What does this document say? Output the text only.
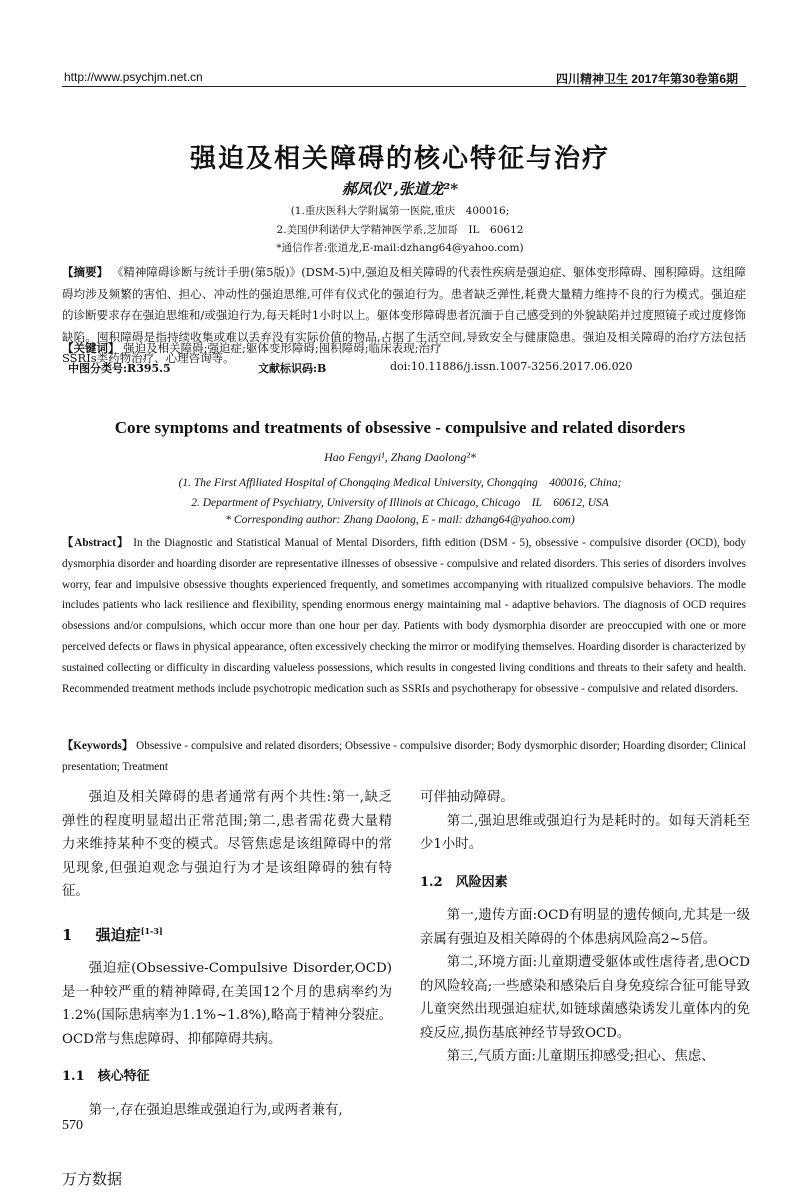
http://www.psychjm.net.cn	四川精神卫生 2017年第30卷第6期
强迫及相关障碍的核心特征与治疗
郝凤仪¹,张道龙²*
(1.重庆医科大学附属第一医院,重庆　400016;
2.美国伊利诺伊大学精神医学系,芝加哥　IL　60612
*通信作者:张道龙,E-mail:dzhang64@yahoo.com)
【摘要】 《精神障碍诊断与统计手册(第5版)》(DSM-5)中,强迫及相关障碍的代表性疾病是强迫症、躯体变形障碍、囤积障碍。这组障碍均涉及频繁的害怕、担心、冲动性的强迫思维,可伴有仪式化的强迫行为。患者缺乏弹性,耗费大量精力维持不良的行为模式。强迫症的诊断要求存在强迫思维和/或强迫行为,每天耗时1小时以上。躯体变形障碍患者沉湎于自己感受到的外貌缺陷并过度照镜子或过度修饰缺陷。囤积障碍是指持续收集或难以丢弃没有实际价值的物品,占据了生活空间,导致安全与健康隐患。强迫及相关障碍的治疗方法包括SSRIs类药物治疗、心理咨询等。
【关键词】 强迫及相关障碍;强迫症;躯体变形障碍;囤积障碍;临床表现;治疗
中图分类号:R395.5	文献标识码:B	doi:10.11886/j.issn.1007-3256.2017.06.020
Core symptoms and treatments of obsessive - compulsive and related disorders
Hao Fengyi¹, Zhang Daolong²*
(1. The First Affiliated Hospital of Chongqing Medical University, Chongqing　400016, China;
2. Department of Psychiatry, University of Illinois at Chicago, Chicago　IL　60612, USA
* Corresponding author: Zhang Daolong, E - mail: dzhang64@yahoo.com)
【Abstract】 In the Diagnostic and Statistical Manual of Mental Disorders, fifth edition (DSM - 5), obsessive - compulsive disorder (OCD), body dysmorphia disorder and hoarding disorder are representative illnesses of obsessive - compulsive and related disorders. This series of disorders involves worry, fear and impulsive obsessive thoughts experienced frequently, and sometimes accompanying with ritualized compulsive behaviors. The modle includes patients who lack resilience and flexibility, spending enormous energy maintaining mal - adaptive behaviors. The diagnosis of OCD requires obsessions and/or compulsions, which occur more than one hour per day. Patients with body dysmorphia disorder are preoccupied with one or more perceived defects or flaws in physical appearance, often excessively checking the mirror or modifying themselves. Hoarding disorder is characterized by sustained collecting or difficulty in discarding valueless possessions, which results in congested living conditions and threats to their safety and health. Recommended treatment methods include psychotropic medication such as SSRIs and psychotherapy for obsessive - compulsive and related disorders.
【Keywords】 Obsessive - compulsive and related disorders; Obsessive - compulsive disorder; Body dysmorphic disorder; Hoarding disorder; Clinical presentation; Treatment

强迫及相关障碍的患者通常有两个共性:第一,缺乏弹性的程度明显超出正常范围;第二,患者需花费大量精力来维持某种不变的模式。尽管焦虑是该组障碍中的常见现象,但强迫观念与强迫行为才是该组障碍的独有特征。

1 强迫症[1-3]

强迫症(Obsessive-Compulsive Disorder,OCD)是一种较严重的精神障碍,在美国12个月的患病率约为1.2%(国际患病率为1.1%~1.8%),略高于精神分裂症。OCD常与焦虑障碍、抑郁障碍共病。

1.1　核心特征

第一,存在强迫思维或强迫行为,或两者兼有,

可伴抽动障碍。

第二,强迫思维或强迫行为是耗时的。如每天消耗至少1小时。

1.2　风险因素

第一,遗传方面:OCD有明显的遗传倾向,尤其是一级亲属有强迫及相关障碍的个体患病风险高2~5倍。

第二,环境方面:儿童期遭受躯体或性虐待者,患OCD的风险较高;一些感染和感染后自身免疫综合征可能导致儿童突然出现强迫症状,如链球菌感染诱发儿童体内的免疫反应,损伤基底神经节导致OCD。

第三,气质方面:儿童期压抑感受;担心、焦虑、

570
万方数据
